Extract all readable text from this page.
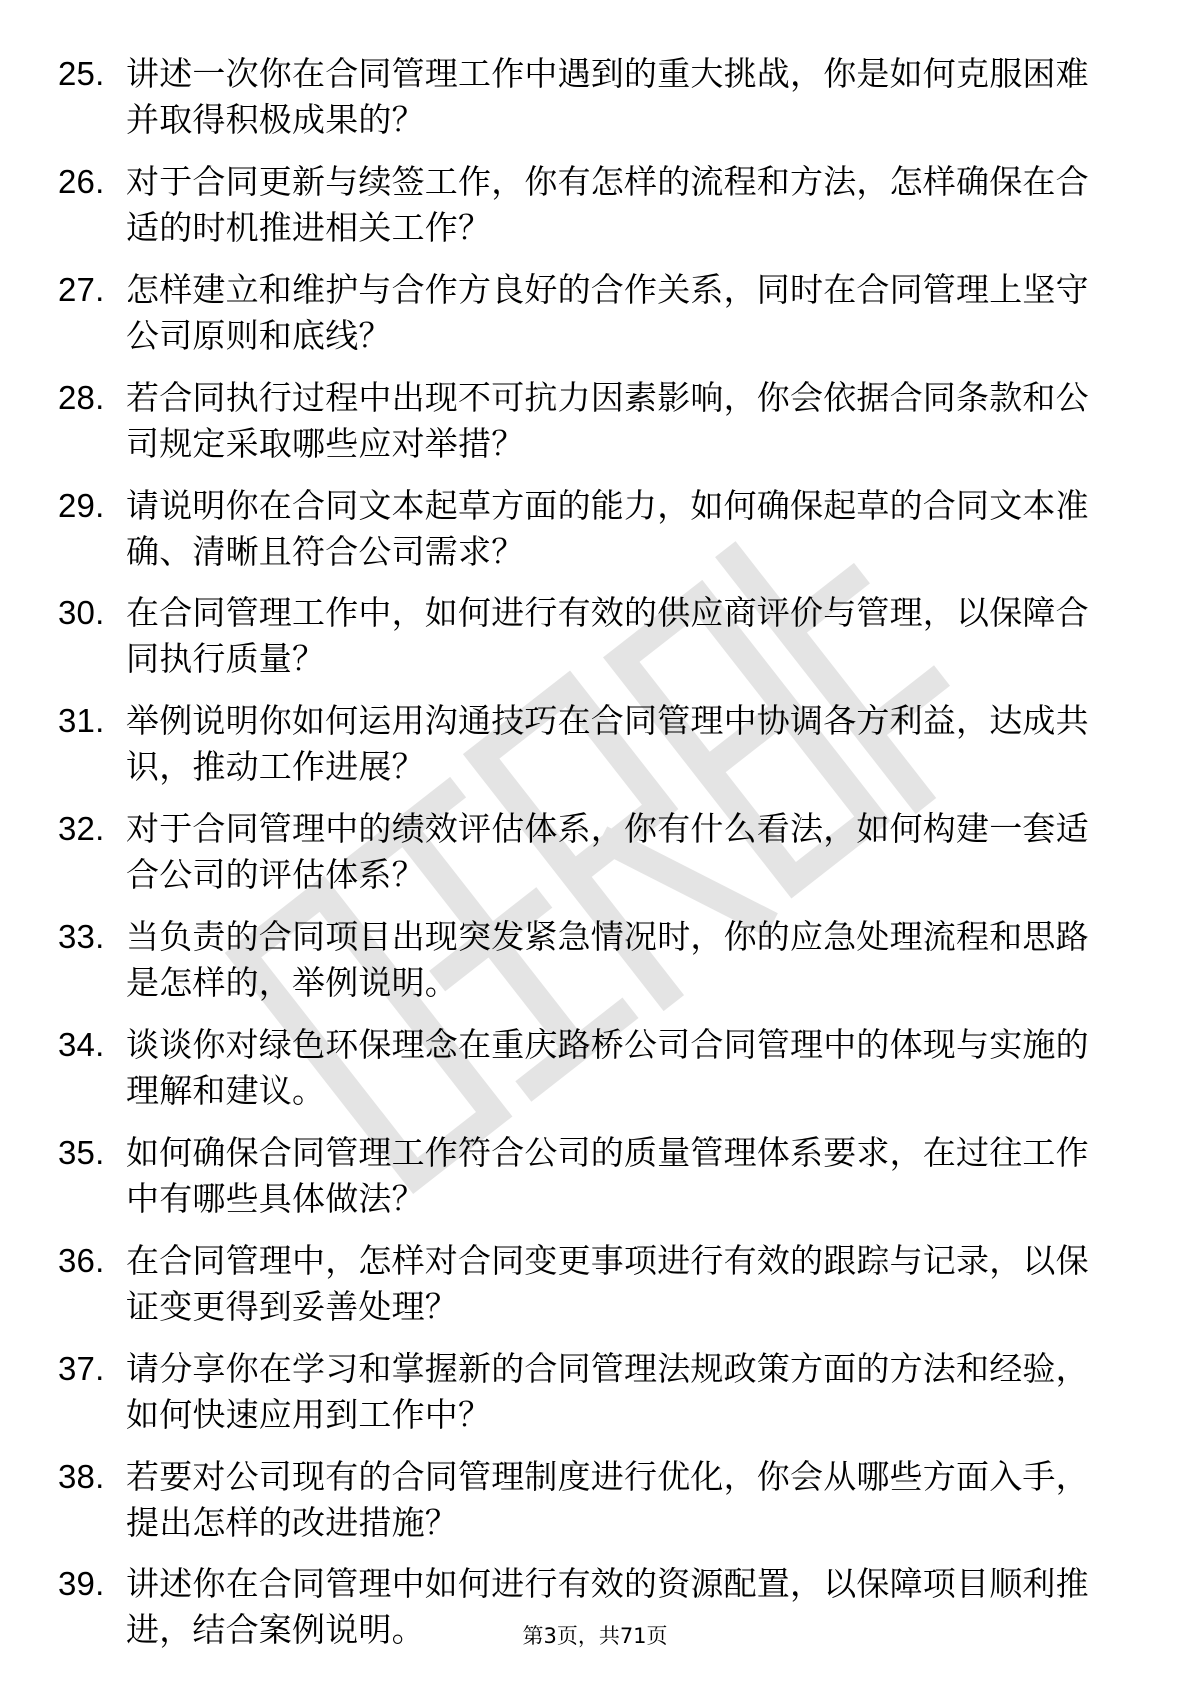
25. 讲述一次你在合同管理工作中遇到的重大挑战，你是如何克服困难并取得积极成果的？
26. 对于合同更新与续签工作，你有怎样的流程和方法，怎样确保在合适的时机推进相关工作？
27. 怎样建立和维护与合作方良好的合作关系，同时在合同管理上坚守公司原则和底线？
28. 若合同执行过程中出现不可抗力因素影响，你会依据合同条款和公司规定采取哪些应对举措？
29. 请说明你在合同文本起草方面的能力，如何确保起草的合同文本准确、清晰且符合公司需求？
30. 在合同管理工作中，如何进行有效的供应商评价与管理，以保障合同执行质量？
31. 举例说明你如何运用沟通技巧在合同管理中协调各方利益，达成共识，推动工作进展？
32. 对于合同管理中的绩效评估体系，你有什么看法，如何构建一套适合公司的评估体系？
33. 当负责的合同项目出现突发紧急情况时，你的应急处理流程和思路是怎样的，举例说明。
34. 谈谈你对绿色环保理念在重庆路桥公司合同管理中的体现与实施的理解和建议。
35. 如何确保合同管理工作符合公司的质量管理体系要求，在过往工作中有哪些具体做法？
36. 在合同管理中，怎样对合同变更事项进行有效的跟踪与记录，以保证变更得到妥善处理？
37. 请分享你在学习和掌握新的合同管理法规政策方面的方法和经验，如何快速应用到工作中？
38. 若要对公司现有的合同管理制度进行优化，你会从哪些方面入手，提出怎样的改进措施？
39. 讲述你在合同管理中如何进行有效的资源配置，以保障项目顺利推进，结合案例说明。	第3页，共71页
